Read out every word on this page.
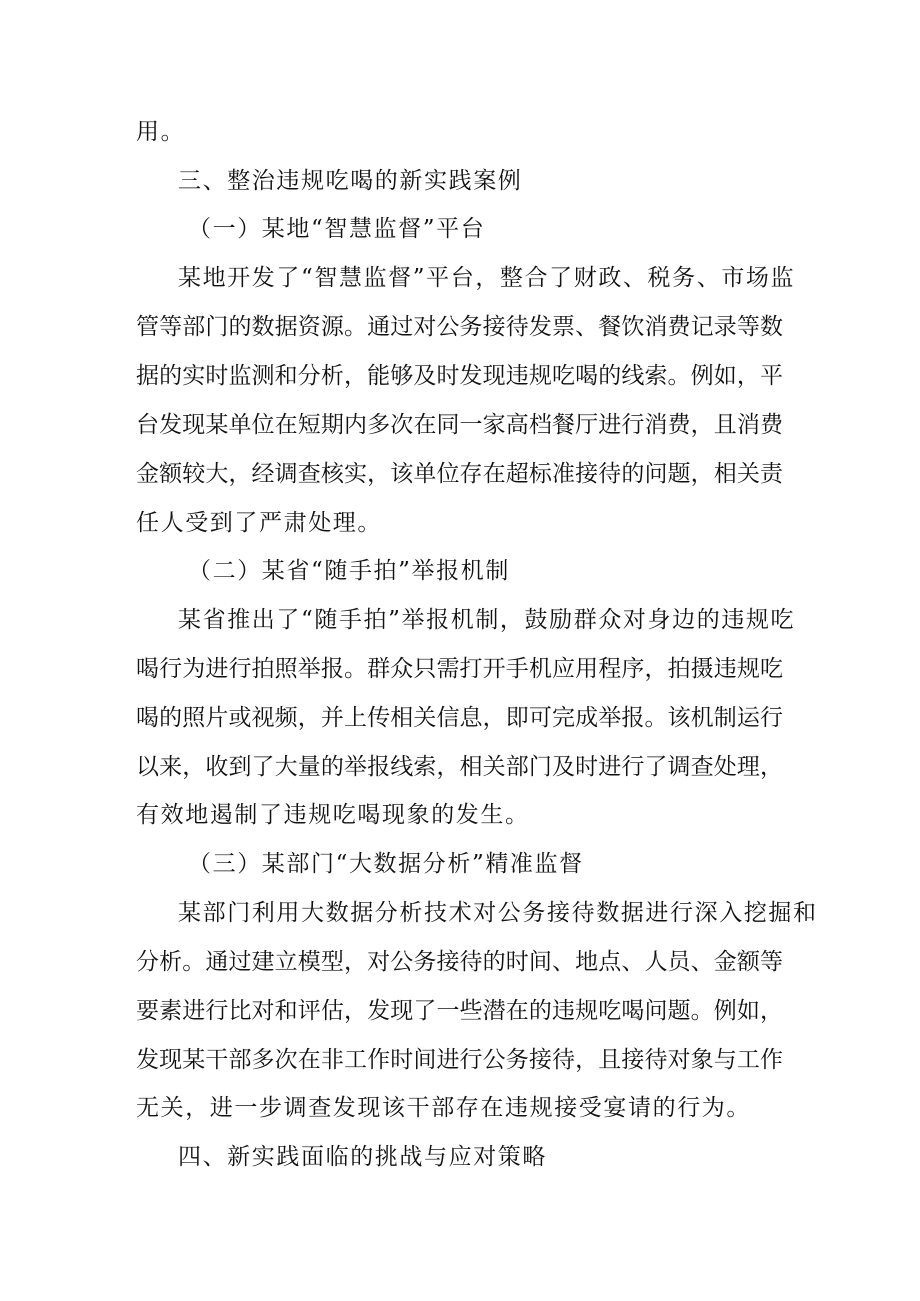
用。
三、整治违规吃喝的新实践案例
（一）某地“智慧监督”平台
某地开发了“智慧监督”平台，整合了财政、税务、市场监
管等部门的数据资源。通过对公务接待发票、餐饮消费记录等数
据的实时监测和分析，能够及时发现违规吃喝的线索。例如，平
台发现某单位在短期内多次在同一家高档餐厅进行消费，且消费
金额较大，经调查核实，该单位存在超标准接待的问题，相关责
任人受到了严肃处理。
（二）某省“随手拍”举报机制
某省推出了“随手拍”举报机制，鼓励群众对身边的违规吃
喝行为进行拍照举报。群众只需打开手机应用程序，拍摄违规吃
喝的照片或视频，并上传相关信息，即可完成举报。该机制运行
以来，收到了大量的举报线索，相关部门及时进行了调查处理，
有效地遏制了违规吃喝现象的发生。
（三）某部门“大数据分析”精准监督
某部门利用大数据分析技术对公务接待数据进行深入挖掘和
分析。通过建立模型，对公务接待的时间、地点、人员、金额等
要素进行比对和评估，发现了一些潜在的违规吃喝问题。例如，
发现某干部多次在非工作时间进行公务接待，且接待对象与工作
无关，进一步调查发现该干部存在违规接受宴请的行为。
四、新实践面临的挑战与应对策略
